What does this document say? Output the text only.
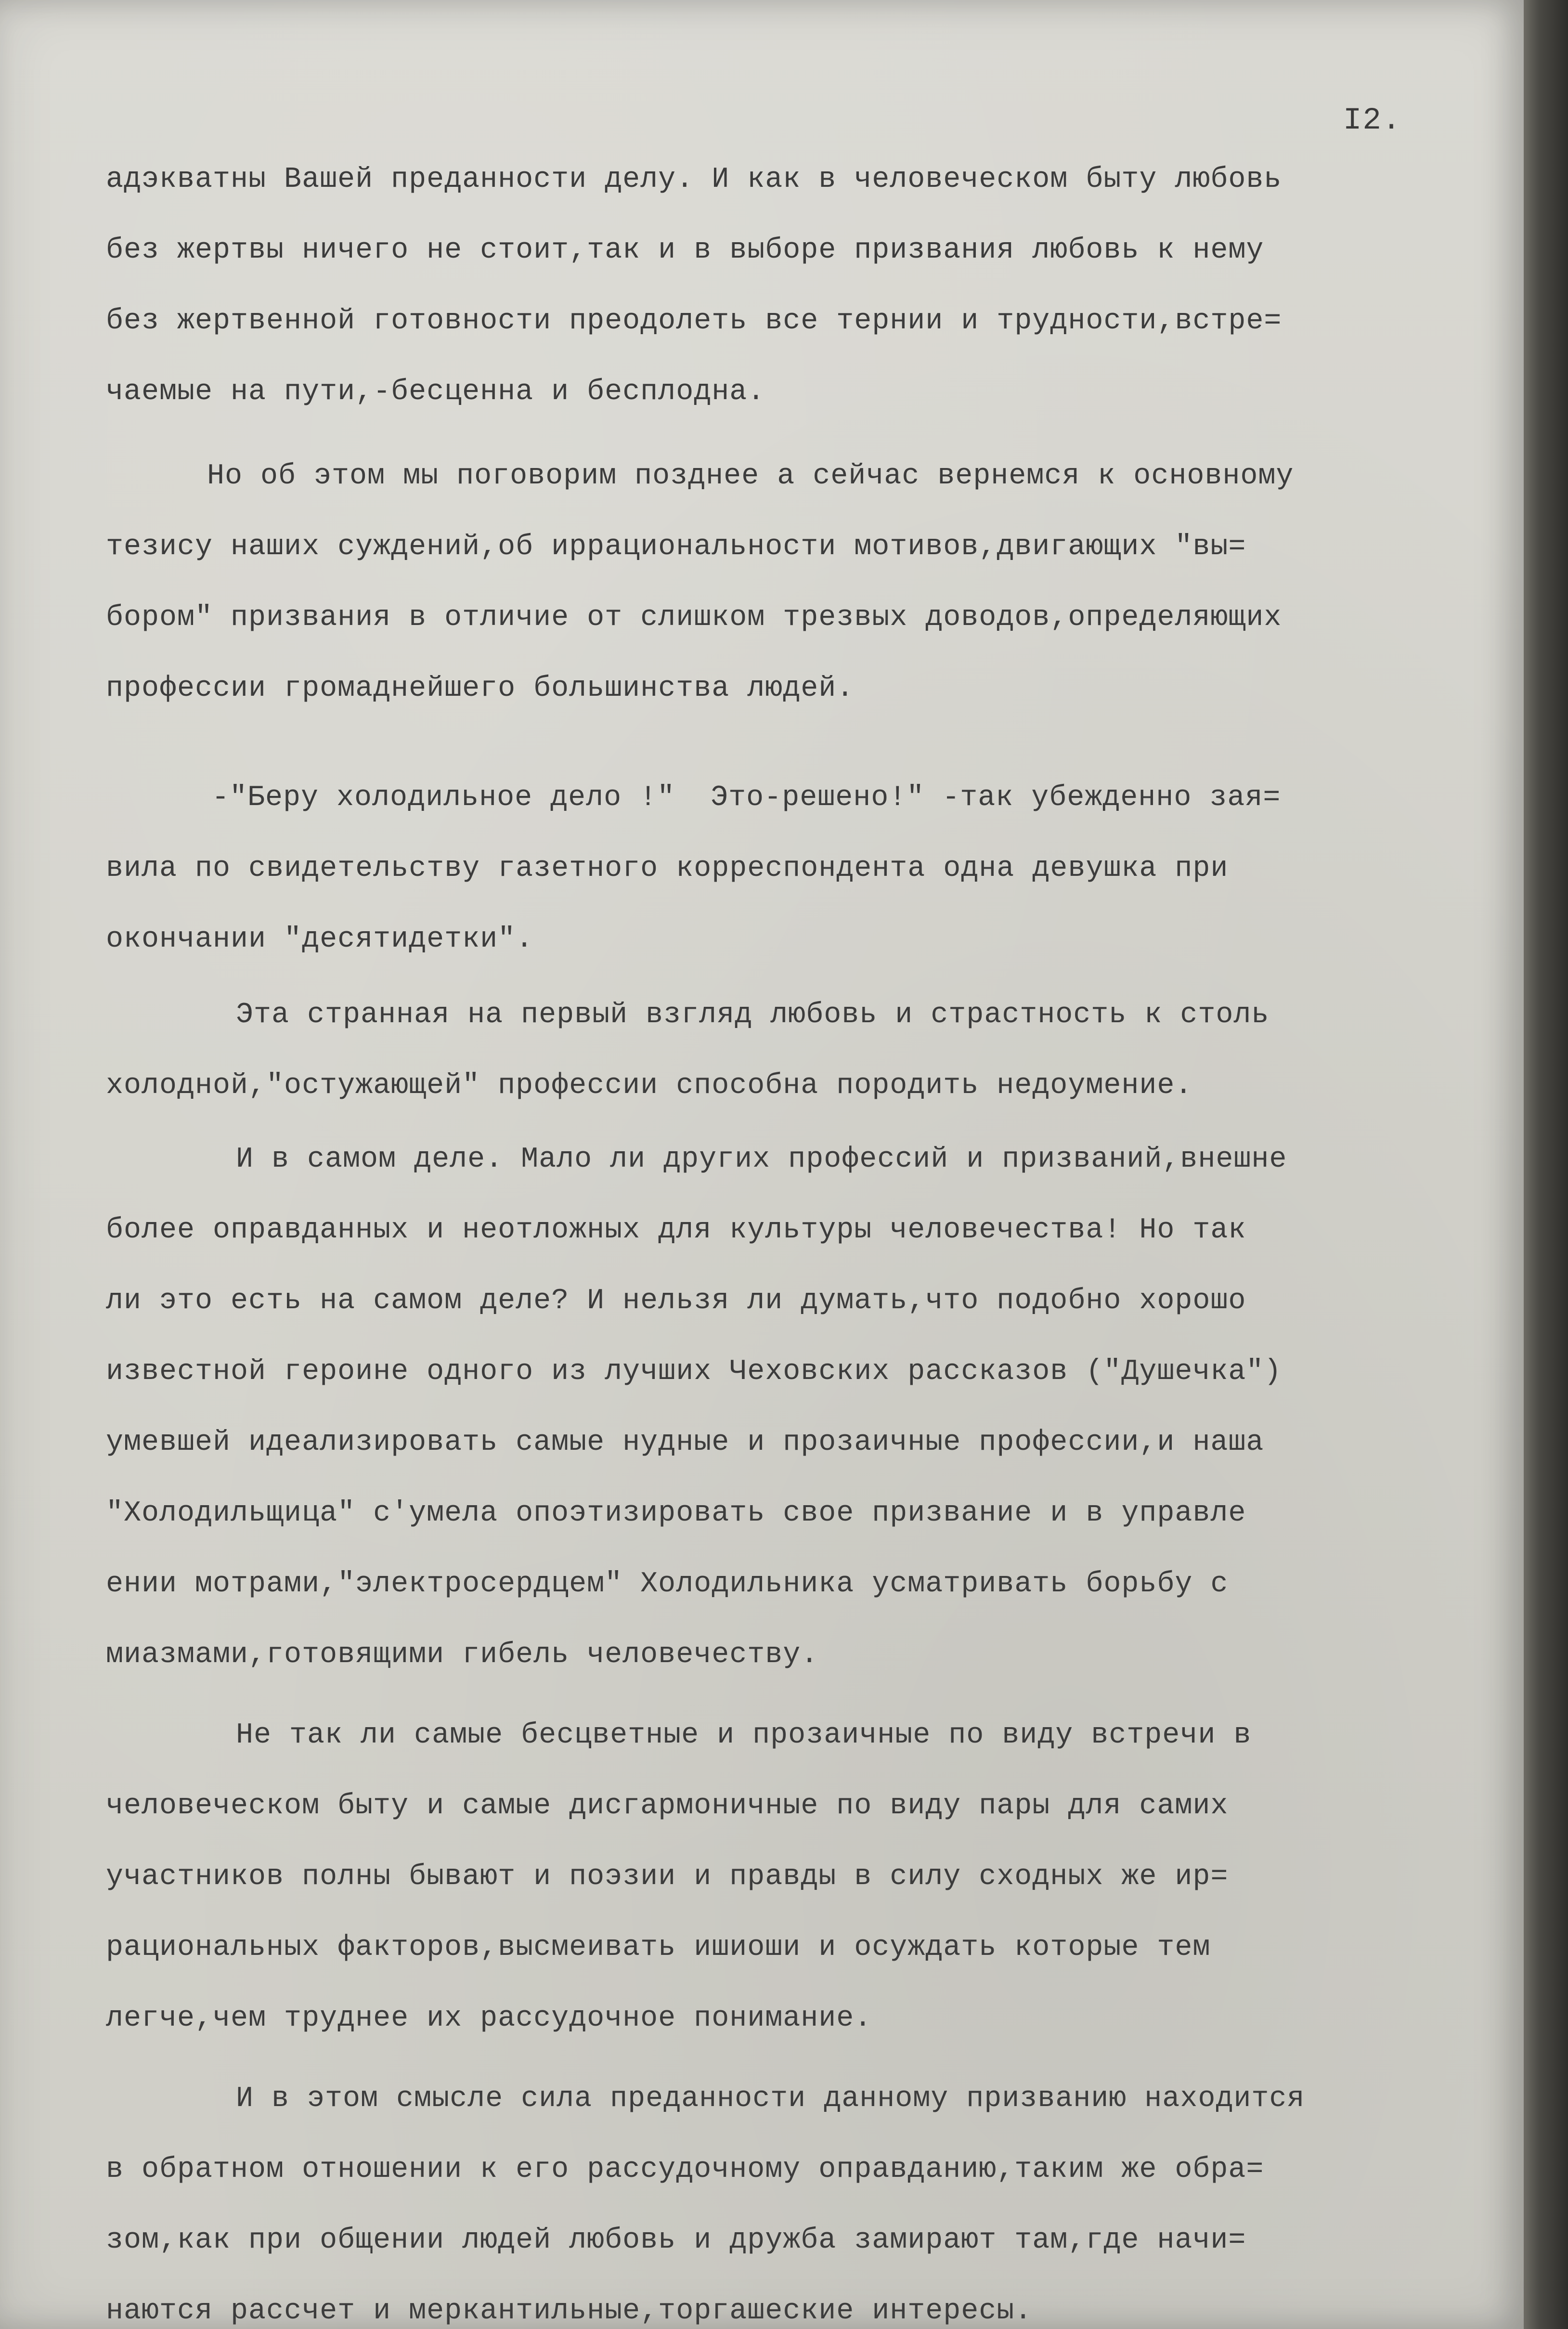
I2.
адэкватны Вашей преданности делу. И как в человеческом быту любовь
без жертвы ничего не стоит,так и в выборе призвания любовь к нему
без жертвенной готовности преодолеть все тернии и трудности,встре=
чаемые на пути,-бесценна и бесплодна.
Но об этом мы поговорим позднее а сейчас вернемся к основному
тезису наших суждений,об иррациональности мотивов,двигающих "вы=
бором" призвания в отличие от слишком трезвых доводов,определяющих
профессии громаднейшего большинства людей.
-"Беру холодильное дело !"  Это-решено!" -так убежденно зая=
вила по свидетельству газетного корреспондента одна девушка при
окончании "десятидетки".
Эта странная на первый взгляд любовь и страстность к столь
холодной,"остужающей" профессии способна породить недоумение.
И в самом деле. Мало ли других профессий и призваний,внешне
более оправданных и неотложных для культуры человечества! Но так
ли это есть на самом деле? И нельзя ли думать,что подобно хорошо
известной героине одного из лучших Чеховских рассказов ("Душечка")
умевшей идеализировать самые нудные и прозаичные профессии,и наша
"Холодильщица" с'умела опоэтизировать свое призвание и в управле
ении мотрами,"электросердцем" Холодильника усматривать борьбу с
миазмами,готовящими гибель человечеству.
Не так ли самые бесцветные и прозаичные по виду встречи в
человеческом быту и самые дисгармоничные по виду пары для самих
участников полны бывают и поэзии и правды в силу сходных же ир=
рациональных факторов,высмеивать ишиоши и осуждать которые тем
легче,чем труднее их рассудочное понимание.
И в этом смысле сила преданности данному призванию находится
в обратном отношении к его рассудочному оправданию,таким же обра=
зом,как при общении людей любовь и дружба замирают там,где начи=
наются рассчет и меркантильные,торгашеские интересы.
